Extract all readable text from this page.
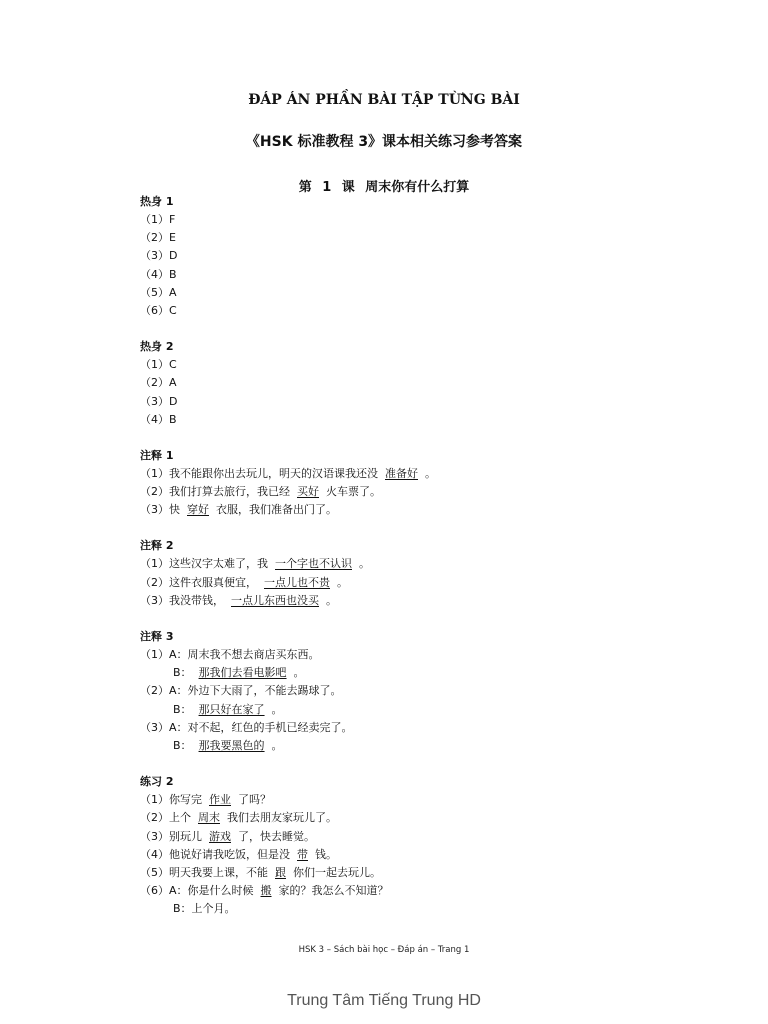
ĐÁP ÁN PHẦN BÀI TẬP TỪNG BÀI
《HSK 标准教程 3》课本相关练习参考答案
第 1 课 周末你有什么打算
热身 1
（1）F
（2）E
（3）D
（4）B
（5）A
（6）C
热身 2
（1）C
（2）A
（3）D
（4）B
注释 1
（1）我不能跟你出去玩儿，明天的汉语课我还没 准备好 。
（2）我们打算去旅行，我已经 买好 火车票了。
（3）快 穿好 衣服，我们准备出门了。
注释 2
（1）这些汉字太难了，我 一个字也不认识 。
（2）这件衣服真便宜， 一点儿也不贵 。
（3）我没带钱， 一点儿东西也没买 。
注释 3
（1）A：周末我不想去商店买东西。
B： 那我们去看电影吧 。
（2）A：外边下大雨了，不能去踢球了。
B： 那只好在家了 。
（3）A：对不起，红色的手机已经卖完了。
B： 那我要黑色的 。
练习 2
（1）你写完 作业 了吗？
（2）上个 周末 我们去朋友家玩儿了。
（3）别玩儿 游戏 了，快去睡觉。
（4）他说好请我吃饭，但是没 带 钱。
（5）明天我要上课，不能 跟 你们一起去玩儿。
（6）A：你是什么时候 搬 家的？我怎么不知道？
B：上个月。
HSK 3 – Sách bài học – Đáp án – Trang 1
Trung Tâm Tiếng Trung HD
